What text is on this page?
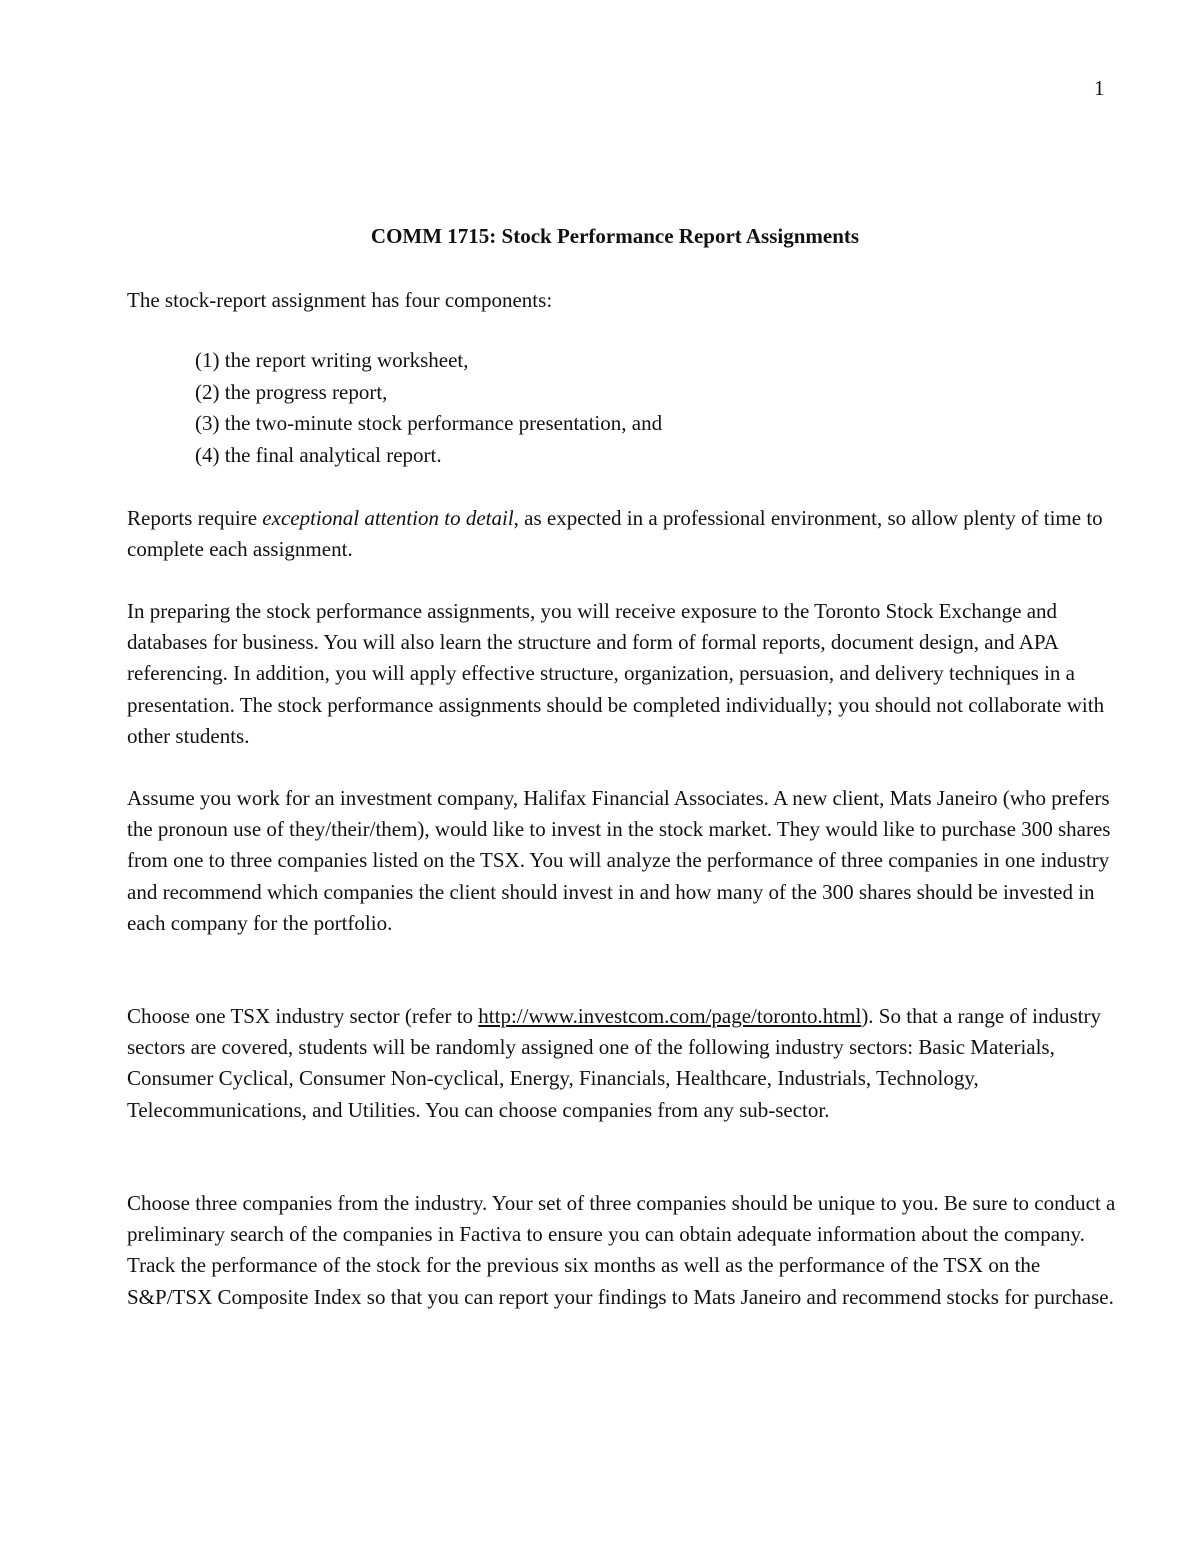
1
COMM 1715: Stock Performance Report Assignments

The stock-report assignment has four components:

(1) the report writing worksheet,
(2) the progress report,
(3) the two-minute stock performance presentation, and
(4) the final analytical report.

Reports require exceptional attention to detail, as expected in a professional environment, so allow plenty of time to complete each assignment.

In preparing the stock performance assignments, you will receive exposure to the Toronto Stock Exchange and databases for business. You will also learn the structure and form of formal reports, document design, and APA referencing. In addition, you will apply effective structure, organization, persuasion, and delivery techniques in a presentation. The stock performance assignments should be completed individually; you should not collaborate with other students.

Assume you work for an investment company, Halifax Financial Associates. A new client, Mats Janeiro (who prefers the pronoun use of they/their/them), would like to invest in the stock market. They would like to purchase 300 shares from one to three companies listed on the TSX. You will analyze the performance of three companies in one industry and recommend which companies the client should invest in and how many of the 300 shares should be invested in each company for the portfolio.

Choose one TSX industry sector (refer to http://www.investcom.com/page/toronto.html). So that a range of industry sectors are covered, students will be randomly assigned one of the following industry sectors: Basic Materials, Consumer Cyclical, Consumer Non-cyclical, Energy, Financials, Healthcare, Industrials, Technology, Telecommunications, and Utilities. You can choose companies from any sub-sector.

Choose three companies from the industry. Your set of three companies should be unique to you. Be sure to conduct a preliminary search of the companies in Factiva to ensure you can obtain adequate information about the company. Track the performance of the stock for the previous six months as well as the performance of the TSX on the S&P/TSX Composite Index so that you can report your findings to Mats Janeiro and recommend stocks for purchase.
